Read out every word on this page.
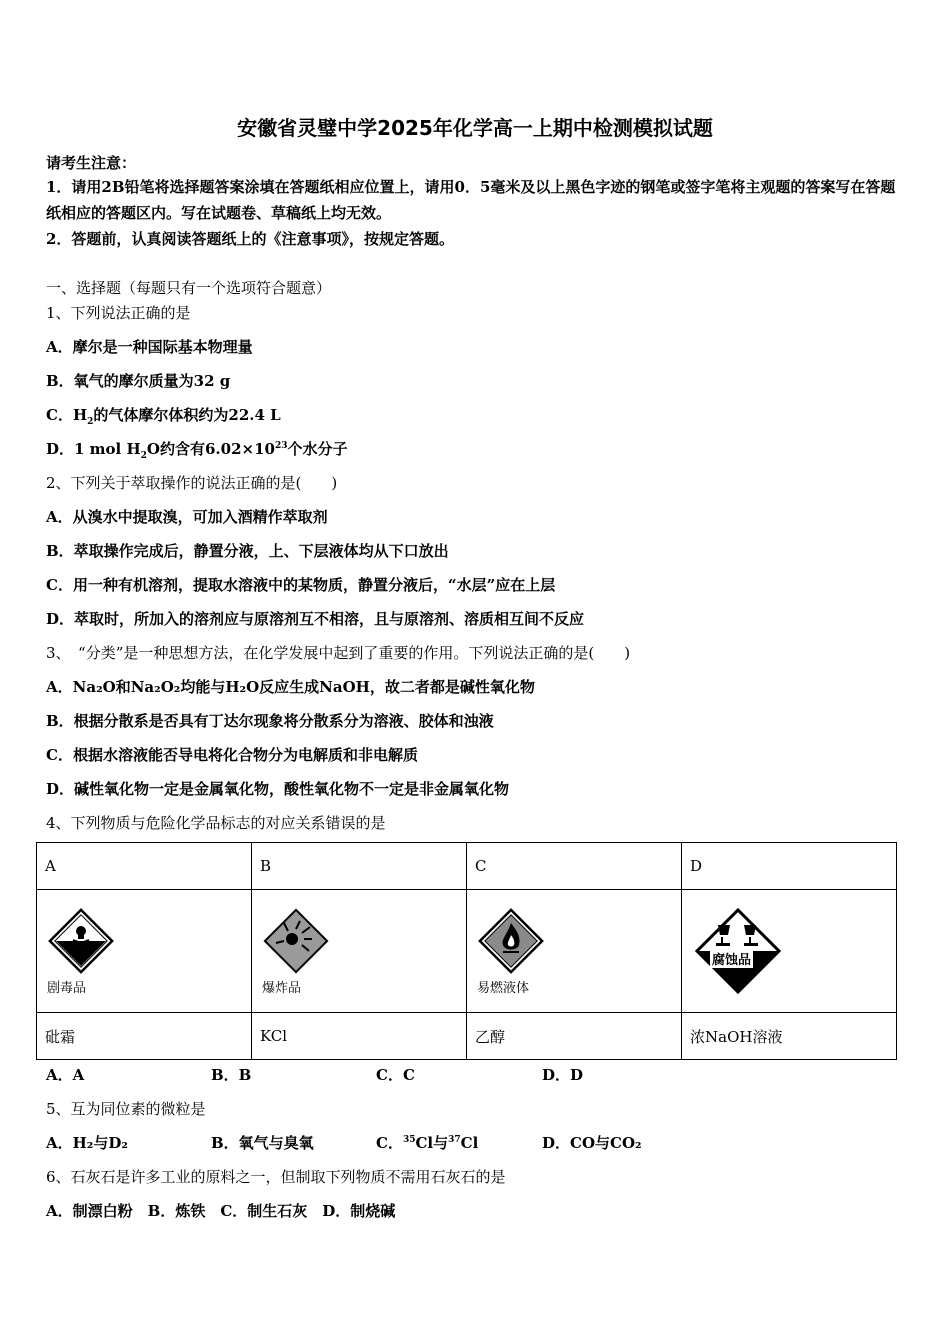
安徽省灵璧中学2025年化学高一上期中检测模拟试题
请考生注意：
1．请用2B铅笔将选择题答案涂填在答题纸相应位置上，请用0．5毫米及以上黑色字迹的钢笔或签字笔将主观题的答案写在答题纸相应的答题区内。写在试题卷、草稿纸上均无效。
2．答题前，认真阅读答题纸上的《注意事项》，按规定答题。
一、选择题（每题只有一个选项符合题意）
1、下列说法正确的是
A．摩尔是一种国际基本物理量
B．氧气的摩尔质量为32 g
C．$H_2$的气体摩尔体积约为22.4 L
D．1 mol $H_2O$约含有$6.02\times 10^{23}$个水分子
2、下列关于萃取操作的说法正确的是(　　)
A．从溴水中提取溴，可加入酒精作萃取剂
B．萃取操作完成后，静置分液，上、下层液体均从下口放出
C．用一种有机溶剂，提取水溶液中的某物质，静置分液后，“水层”应在上层
D．萃取时，所加入的溶剂应与原溶剂互不相溶，且与原溶剂、溶质相互间不反应
3、　“分类”是一种思想方法，在化学发展中起到了重要的作用。下列说法正确的是(　　)
A．Na₂O和Na₂O₂均能与H₂O反应生成NaOH，故二者都是碱性氧化物
B．根据分散系是否具有丁达尔现象将分散系分为溶液、胶体和浊液
C．根据水溶液能否导电将化合物分为电解质和非电解质
D．碱性氧化物一定是金属氧化物，酸性氧化物不一定是非金属氧化物
4、下列物质与危险化学品标志的对应关系错误的是
A	B	C	D

剧毒品	爆炸品	易燃液体	腐蚀品

砒霜	KCl	乙醇	浓NaOH溶液
A．A	B．B	C．C	D．D
5、互为同位素的微粒是
A．H₂与D₂	B．氧气与臭氧	C．$^{35}$Cl与$^{37}$Cl	D．CO与CO₂
6、石灰石是许多工业的原料之一，但制取下列物质不需用石灰石的是
A．制漂白粉　B．炼铁　C．制生石灰　D．制烧碱
